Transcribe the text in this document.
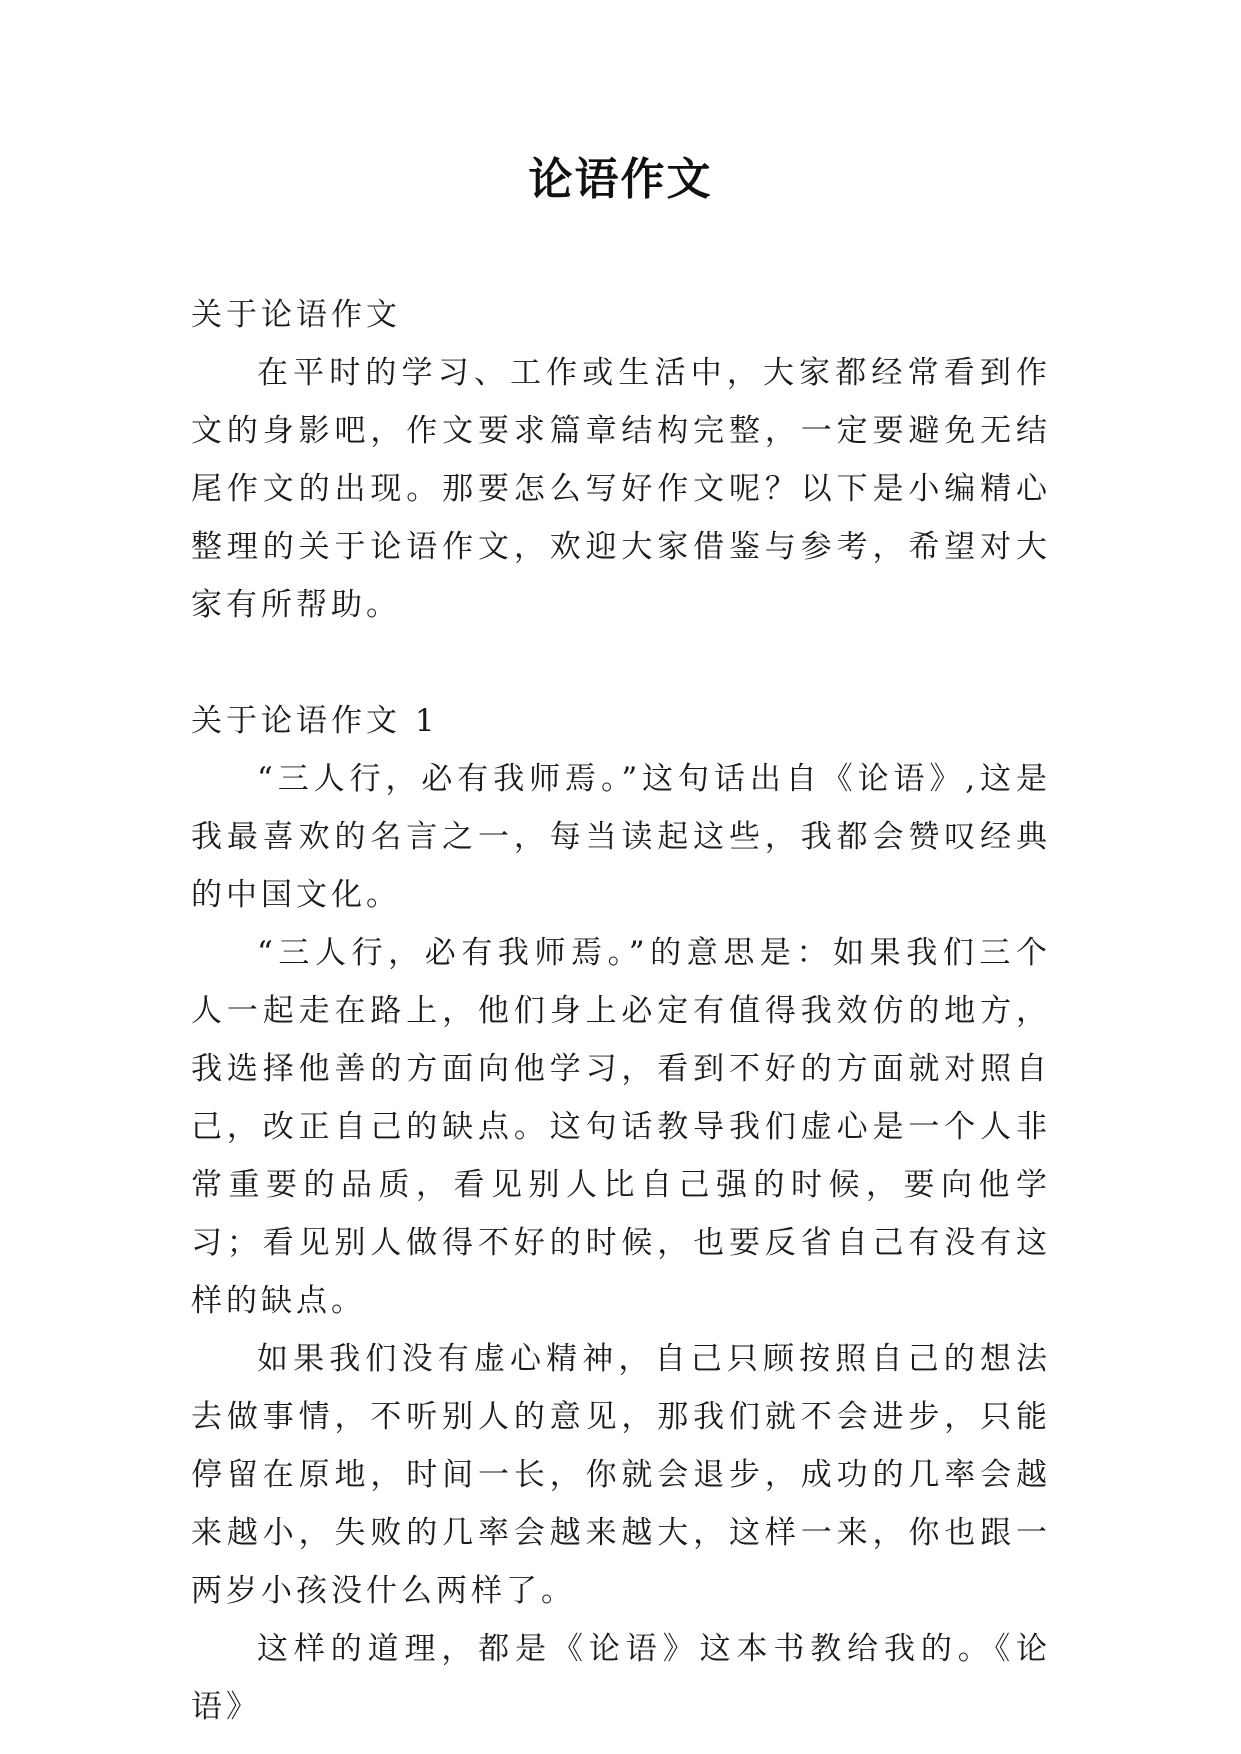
论语作文

关于论语作文

在平时的学习、工作或生活中，大家都经常看到作文的身影吧，作文要求篇章结构完整，一定要避免无结尾作文的出现。那要怎么写好作文呢？以下是小编精心整理的关于论语作文，欢迎大家借鉴与参考，希望对大家有所帮助。

关于论语作文 1

“三人行，必有我师焉。”这句话出自《论语》,这是我最喜欢的名言之一，每当读起这些，我都会赞叹经典的中国文化。

“三人行，必有我师焉。”的意思是：如果我们三个人一起走在路上，他们身上必定有值得我效仿的地方，我选择他善的方面向他学习，看到不好的方面就对照自己，改正自己的缺点。这句话教导我们虚心是一个人非常重要的品质，看见别人比自己强的时候，要向他学习；看见别人做得不好的时候，也要反省自己有没有这样的缺点。

如果我们没有虚心精神，自己只顾按照自己的想法去做事情，不听别人的意见，那我们就不会进步，只能停留在原地，时间一长，你就会退步，成功的几率会越来越小，失败的几率会越来越大，这样一来，你也跟一两岁小孩没什么两样了。

这样的道理，都是《论语》这本书教给我的。《论语》
